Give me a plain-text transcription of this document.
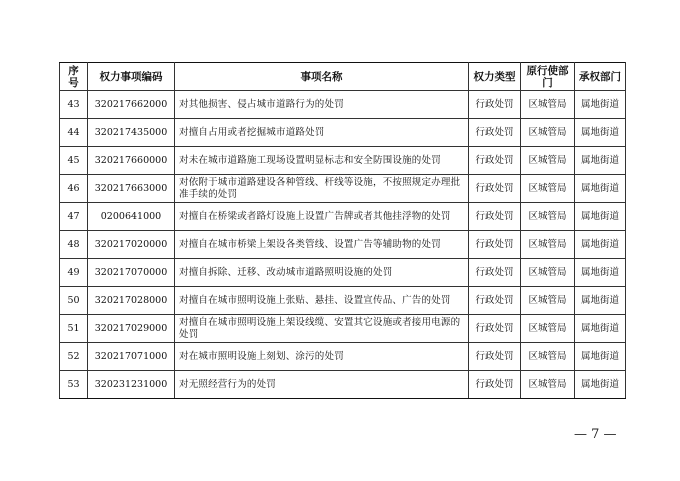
序号	权力事项编码	事项名称	权力类型	原行使部门	承权部门
43	320217662000	对其他损害、侵占城市道路行为的处罚	行政处罚	区城管局	属地街道
44	320217435000	对擅自占用或者挖掘城市道路处罚	行政处罚	区城管局	属地街道
45	320217660000	对未在城市道路施工现场设置明显标志和安全防围设施的处罚	行政处罚	区城管局	属地街道
46	320217663000	对依附于城市道路建设各种管线、杆线等设施，不按照规定办理批准手续的处罚	行政处罚	区城管局	属地街道
47	0200641000	对擅自在桥梁或者路灯设施上设置广告牌或者其他挂浮物的处罚	行政处罚	区城管局	属地街道
48	320217020000	对擅自在城市桥梁上架设各类管线、设置广告等辅助物的处罚	行政处罚	区城管局	属地街道
49	320217070000	对擅自拆除、迁移、改动城市道路照明设施的处罚	行政处罚	区城管局	属地街道
50	320217028000	对擅自在城市照明设施上张贴、悬挂、设置宣传品、广告的处罚	行政处罚	区城管局	属地街道
51	320217029000	对擅自在城市照明设施上架设线缆、安置其它设施或者接用电源的处罚	行政处罚	区城管局	属地街道
52	320217071000	对在城市照明设施上刻划、涂污的处罚	行政处罚	区城管局	属地街道
53	320231231000	对无照经营行为的处罚	行政处罚	区城管局	属地街道
— 7 —
